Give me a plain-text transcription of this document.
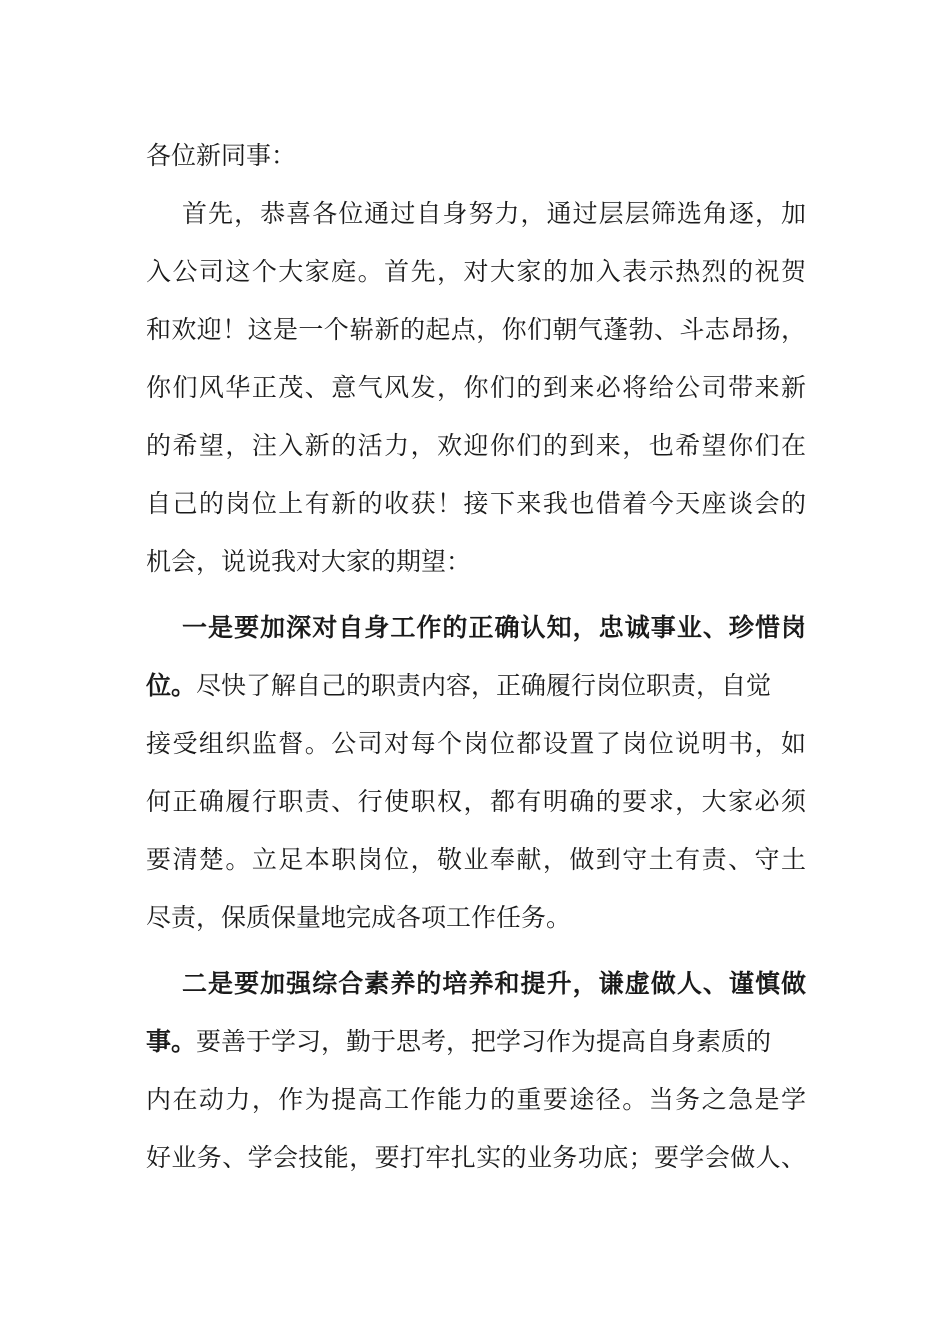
各位新同事：
首先，恭喜各位通过自身努力，通过层层筛选角逐，加
入公司这个大家庭。首先，对大家的加入表示热烈的祝贺
和欢迎！这是一个崭新的起点，你们朝气蓬勃、斗志昂扬，
你们风华正茂、意气风发，你们的到来必将给公司带来新
的希望，注入新的活力，欢迎你们的到来，也希望你们在
自己的岗位上有新的收获！接下来我也借着今天座谈会的
机会，说说我对大家的期望：
一是要加深对自身工作的正确认知，忠诚事业、珍惜岗
位。尽快了解自己的职责内容，正确履行岗位职责，自觉
接受组织监督。公司对每个岗位都设置了岗位说明书，如
何正确履行职责、行使职权，都有明确的要求，大家必须
要清楚。立足本职岗位，敬业奉献，做到守土有责、守土
尽责，保质保量地完成各项工作任务。
二是要加强综合素养的培养和提升，谦虚做人、谨慎做
事。要善于学习，勤于思考，把学习作为提高自身素质的
内在动力，作为提高工作能力的重要途径。当务之急是学
好业务、学会技能，要打牢扎实的业务功底；要学会做人、
